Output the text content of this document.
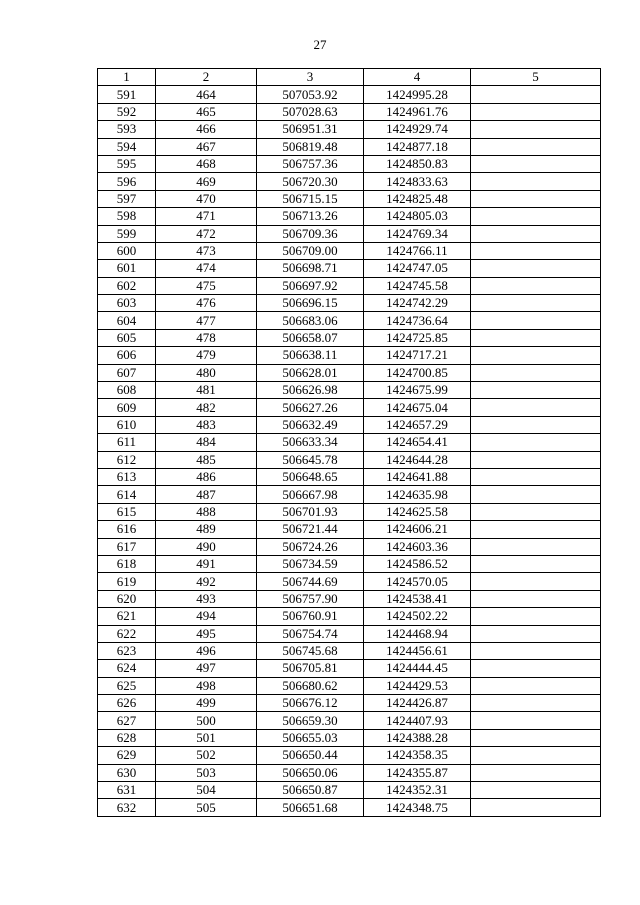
27
1	2	3	4	5
591	464	507053.92	1424995.28	
592	465	507028.63	1424961.76	
593	466	506951.31	1424929.74	
594	467	506819.48	1424877.18	
595	468	506757.36	1424850.83	
596	469	506720.30	1424833.63	
597	470	506715.15	1424825.48	
598	471	506713.26	1424805.03	
599	472	506709.36	1424769.34	
600	473	506709.00	1424766.11	
601	474	506698.71	1424747.05	
602	475	506697.92	1424745.58	
603	476	506696.15	1424742.29	
604	477	506683.06	1424736.64	
605	478	506658.07	1424725.85	
606	479	506638.11	1424717.21	
607	480	506628.01	1424700.85	
608	481	506626.98	1424675.99	
609	482	506627.26	1424675.04	
610	483	506632.49	1424657.29	
611	484	506633.34	1424654.41	
612	485	506645.78	1424644.28	
613	486	506648.65	1424641.88	
614	487	506667.98	1424635.98	
615	488	506701.93	1424625.58	
616	489	506721.44	1424606.21	
617	490	506724.26	1424603.36	
618	491	506734.59	1424586.52	
619	492	506744.69	1424570.05	
620	493	506757.90	1424538.41	
621	494	506760.91	1424502.22	
622	495	506754.74	1424468.94	
623	496	506745.68	1424456.61	
624	497	506705.81	1424444.45	
625	498	506680.62	1424429.53	
626	499	506676.12	1424426.87	
627	500	506659.30	1424407.93	
628	501	506655.03	1424388.28	
629	502	506650.44	1424358.35	
630	503	506650.06	1424355.87	
631	504	506650.87	1424352.31	
632	505	506651.68	1424348.75	
